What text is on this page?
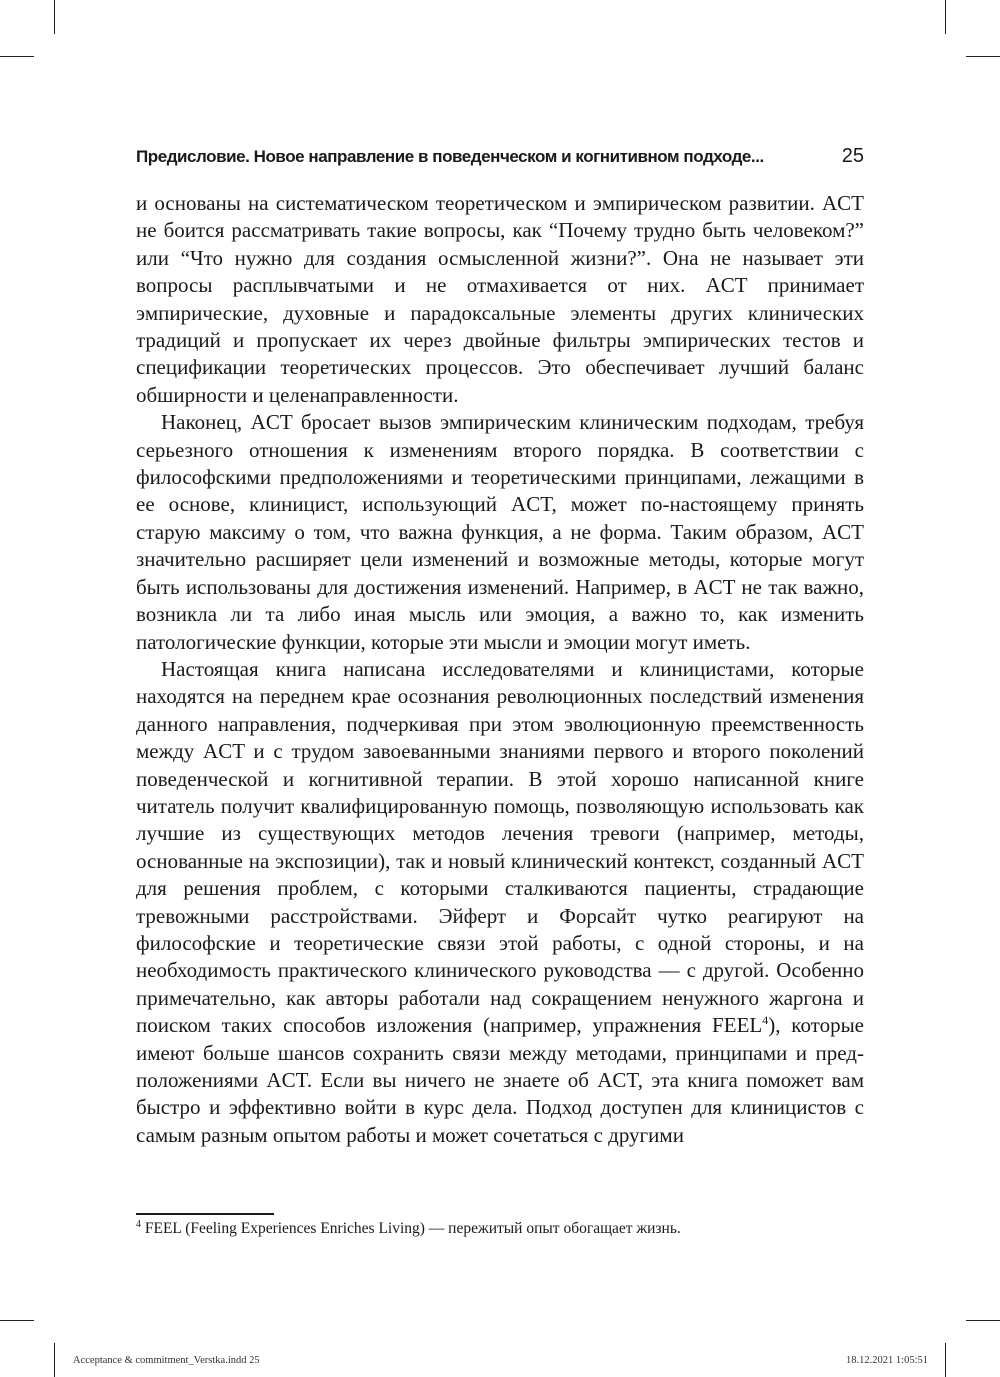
Предисловие. Новое направление в поведенческом и когнитивном подходе...	25

и основаны на систематическом теоретическом и эмпирическом развитии. ACT не боится рассматривать такие вопросы, как “Почему трудно быть человеком?” или “Что нужно для создания осмысленной жизни?”. Она не называет эти вопросы расплывчатыми и не отмахивается от них. ACT принимает эмпирические, духовные и парадоксальные элементы других клинических традиций и пропускает их через двойные фильтры эмпирических тестов и спецификации теоретических процессов. Это обеспечивает лучший баланс обширности и целенаправленности.

Наконец, ACT бросает вызов эмпирическим клиническим подходам, требуя серьезного отношения к изменениям второго порядка. В соответствии с философскими предположениями и теоретическими принципами, лежащими в ее основе, клиницист, использующий ACT, может по-настоящему принять старую максиму о том, что важна функция, а не форма. Таким образом, ACT значительно расширяет цели изменений и возможные методы, которые могут быть использованы для достижения изменений. Например, в ACT не так важно, возникла ли та либо иная мысль или эмоция, а важно то, как изменить патологические функции, которые эти мысли и эмоции могут иметь.

Настоящая книга написана исследователями и клиницистами, которые находятся на переднем крае осознания революционных последствий изменения данного направления, подчеркивая при этом эволюционную преемственность между ACT и с трудом завоеванными знаниями первого и второго поколений поведенческой и когнитивной терапии. В этой хорошо написанной книге читатель получит квалифицированную помощь, позволяющую использовать как лучшие из существующих методов лечения тревоги (например, методы, основанные на экспозиции), так и новый клинический контекст, созданный ACT для решения проблем, с которыми сталкиваются пациенты, страдающие тревожными расстройствами. Эйферт и Форсайт чутко реагируют на философские и теоретические связи этой работы, с одной стороны, и на необходимость практического клинического руководства — с другой. Особенно примечательно, как авторы работали над сокращением ненужного жаргона и поиском таких способов изложения (например, упражнения FEEL$^4$), которые имеют больше шансов сохранить связи между методами, принципами и предположениями ACT. Если вы ничего не знаете об ACT, эта книга поможет вам быстро и эффективно войти в курс дела. Подход доступен для клиницистов с самым разным опытом работы и может сочетаться с другими

$^4$ FEEL (Feeling Experiences Enriches Living) — пережитый опыт обогащает жизнь.
Acceptance & commitment_Verstka.indd 25	18.12.2021 1:05:51
